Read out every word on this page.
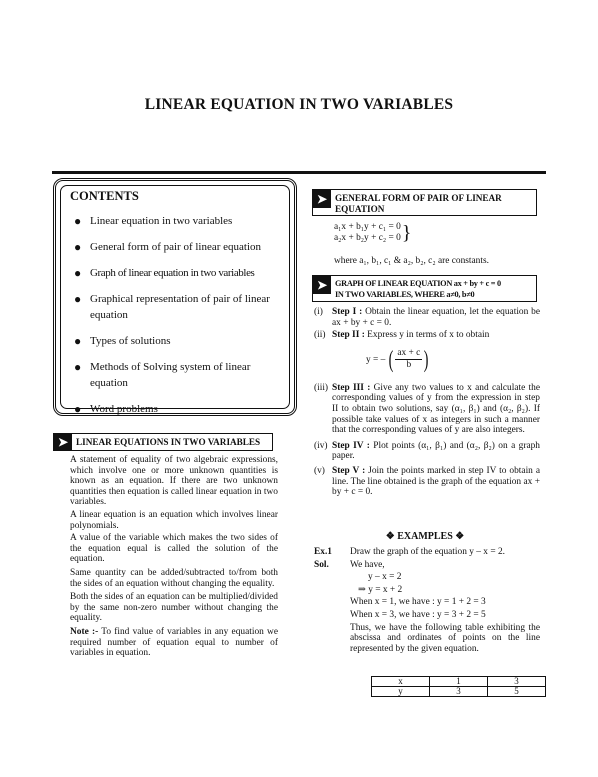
LINEAR EQUATION IN TWO VARIABLES
CONTENTS
● Linear equation in two variables
● General form of pair of linear equation
● Graph of linear equation in two variables
● Graphical representation of pair of linear equation
● Types of solutions
● Methods of Solving system of linear equation
● Word problems
➤ LINEAR EQUATIONS IN TWO VARIABLES
A statement of equality of two algebraic expressions, which involve one or more unknown quantities is known as an equation. If there are two unknown quantities then equation is called linear equation in two variables.
A linear equation is an equation which involves linear polynomials.
A value of the variable which makes the two sides of the equation equal is called the solution of the equation.
Same quantity can be added/subtracted to/from both the sides of an equation without changing the equality.
Both the sides of an equation can be multiplied/divided by the same non-zero number without changing the equality.
Note :- To find value of variables in any equation we required number of equation equal to number of variables in equation.
➤ GENERAL FORM OF PAIR OF LINEAR
EQUATION
a₁x + b₁y + c₁ = 0
a₂x + b₂y + c₂ = 0 }
where a₁, b₁, c₁ & a₂, b₂, c₂ are constants.
➤ GRAPH OF LINEAR EQUATION ax + by + c = 0
IN TWO VARIABLES, WHERE a≠0, b≠0
(i) Step I : Obtain the linear equation, let the equation be ax + by + c = 0.
(ii) Step II : Express y in terms of x to obtain
y = – ( ax + c
b )
(iii) Step III : Give any two values to x and calculate the corresponding values of y from the expression in step II to obtain two solutions, say (α₁, β₁) and (α₂, β₂). If possible take values of x as integers in such a manner that the corresponding values of y are also integers.
(iv) Step IV : Plot points (α₁, β₁) and (α₂, β₂) on a graph paper.
(v) Step V : Join the points marked in step IV to obtain a line. The line obtained is the graph of the equation ax + by + c = 0.
❖ EXAMPLES ❖
Ex.1	Draw the graph of the equation y – x = 2.
Sol.	We have,
y – x = 2
⇒ y = x + 2
When x = 1, we have : y = 1 + 2 = 3
When x = 3, we have : y = 3 + 2 = 5
Thus, we have the following table exhibiting the abscissa and ordinates of points on the line represented by the given equation.
x	1	3
y	3	5
